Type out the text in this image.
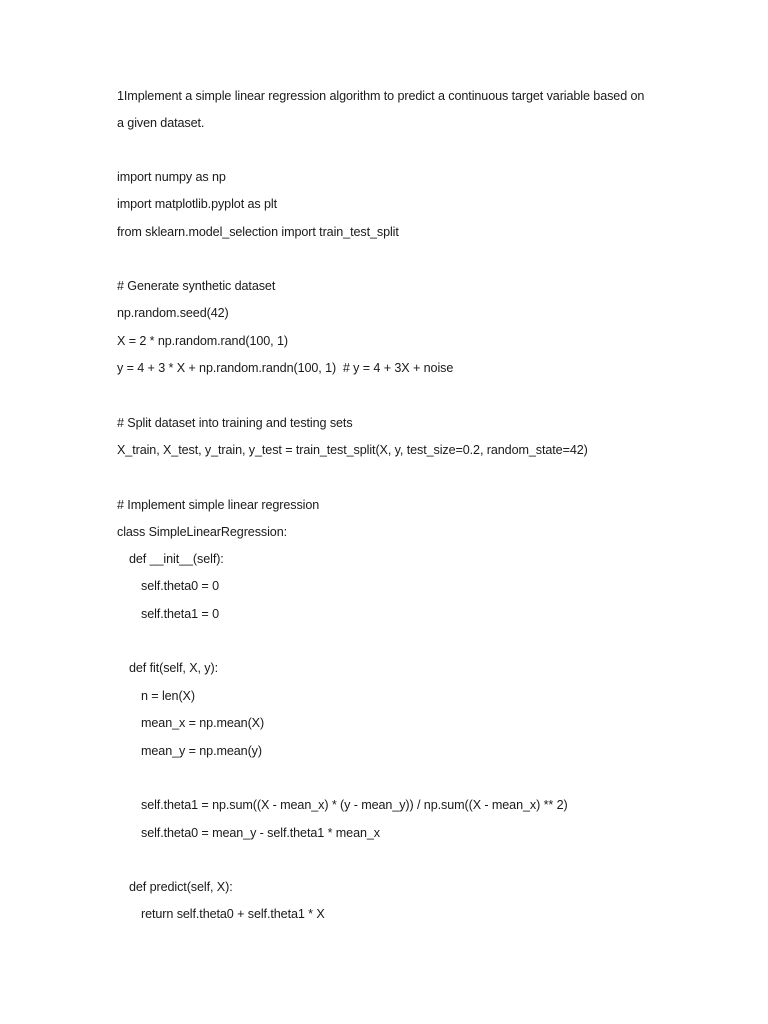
1Implement a simple linear regression algorithm to predict a continuous target variable based on
a given dataset.
import numpy as np
import matplotlib.pyplot as plt
from sklearn.model_selection import train_test_split
# Generate synthetic dataset
np.random.seed(42)
X = 2 * np.random.rand(100, 1)
y = 4 + 3 * X + np.random.randn(100, 1)  # y = 4 + 3X + noise
# Split dataset into training and testing sets
X_train, X_test, y_train, y_test = train_test_split(X, y, test_size=0.2, random_state=42)
# Implement simple linear regression
class SimpleLinearRegression:
def __init__(self):
self.theta0 = 0
self.theta1 = 0
def fit(self, X, y):
n = len(X)
mean_x = np.mean(X)
mean_y = np.mean(y)
self.theta1 = np.sum((X - mean_x) * (y - mean_y)) / np.sum((X - mean_x) ** 2)
self.theta0 = mean_y - self.theta1 * mean_x
def predict(self, X):
return self.theta0 + self.theta1 * X
